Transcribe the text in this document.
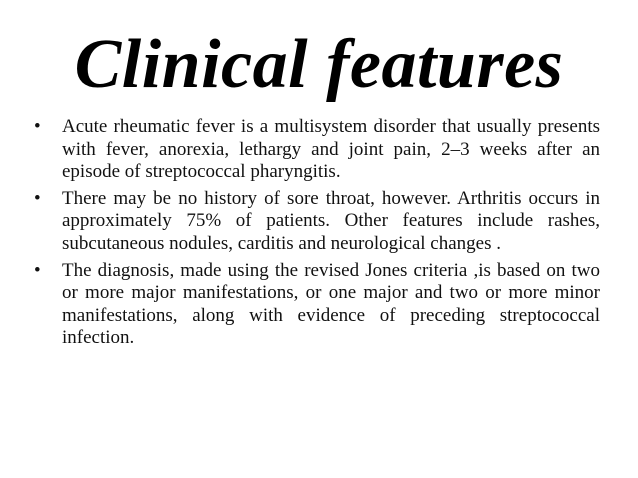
Clinical features
• Acute rheumatic fever is a multisystem disorder that usually presents with fever, anorexia, lethargy and joint pain, 2–3 weeks after an episode of streptococcal pharyngitis.
• There may be no history of sore throat, however. Arthritis occurs in approximately 75% of patients. Other features include rashes, subcutaneous nodules, carditis and neurological changes .
• The diagnosis, made using the revised Jones criteria ,is based on two or more major manifestations, or one major and two or more minor manifestations, along with evidence of preceding streptococcal infection.
